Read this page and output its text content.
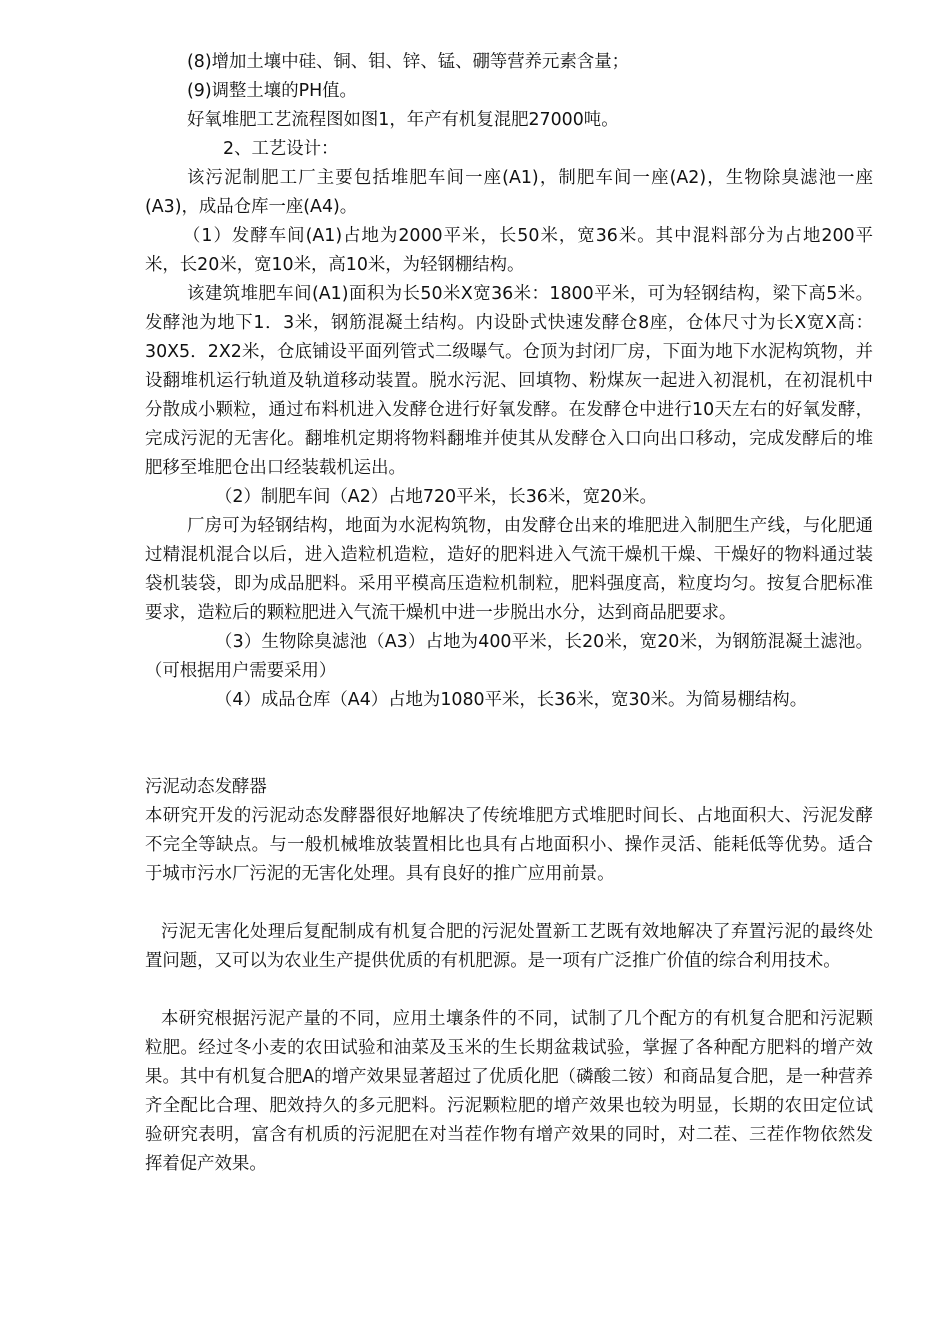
(8)增加土壤中硅、铜、钼、锌、锰、硼等营养元素含量；

(9)调整土壤的PH值。

好氧堆肥工艺流程图如图1，年产有机复混肥27000吨。

2、工艺设计：

该污泥制肥工厂主要包括堆肥车间一座(A1)，制肥车间一座(A2)，生物除臭滤池一座(A3)，成品仓库一座(A4)。

（1）发酵车间(A1)占地为2000平米，长50米，宽36米。其中混料部分为占地200平米，长20米，宽10米，高10米，为轻钢棚结构。

该建筑堆肥车间(A1)面积为长50米X宽36米：1800平米，可为轻钢结构，梁下高5米。发酵池为地下1．3米，钢筋混凝土结构。内设卧式快速发酵仓8座，仓体尺寸为长X宽X高：30X5．2X2米，仓底铺设平面列管式二级曝气。仓顶为封闭厂房，下面为地下水泥构筑物，并设翻堆机运行轨道及轨道移动装置。脱水污泥、回填物、粉煤灰一起进入初混机，在初混机中分散成小颗粒，通过布料机进入发酵仓进行好氧发酵。在发酵仓中进行10天左右的好氧发酵，完成污泥的无害化。翻堆机定期将物料翻堆并使其从发酵仓入口向出口移动，完成发酵后的堆肥移至堆肥仓出口经装载机运出。

（2）制肥车间（A2）占地720平米，长36米，宽20米。

厂房可为轻钢结构，地面为水泥构筑物，由发酵仓出来的堆肥进入制肥生产线，与化肥通过精混机混合以后，进入造粒机造粒，造好的肥料进入气流干燥机干燥、干燥好的物料通过装袋机装袋，即为成品肥料。采用平模高压造粒机制粒，肥料强度高，粒度均匀。按复合肥标准要求，造粒后的颗粒肥进入气流干燥机中进一步脱出水分，达到商品肥要求。

（3）生物除臭滤池（A3）占地为400平米，长20米，宽20米，为钢筋混凝土滤池。（可根据用户需要采用）

（4）成品仓库（A4）占地为1080平米，长36米，宽30米。为简易棚结构。

污泥动态发酵器

本研究开发的污泥动态发酵器很好地解决了传统堆肥方式堆肥时间长、占地面积大、污泥发酵不完全等缺点。与一般机械堆放装置相比也具有占地面积小、操作灵活、能耗低等优势。适合于城市污水厂污泥的无害化处理。具有良好的推广应用前景。

污泥无害化处理后复配制成有机复合肥的污泥处置新工艺既有效地解决了弃置污泥的最终处置问题，又可以为农业生产提供优质的有机肥源。是一项有广泛推广价值的综合利用技术。

本研究根据污泥产量的不同，应用土壤条件的不同，试制了几个配方的有机复合肥和污泥颗粒肥。经过冬小麦的农田试验和油菜及玉米的生长期盆栽试验，掌握了各种配方肥料的增产效果。其中有机复合肥A的增产效果显著超过了优质化肥（磷酸二铵）和商品复合肥，是一种营养齐全配比合理、肥效持久的多元肥料。污泥颗粒肥的增产效果也较为明显，长期的农田定位试验研究表明，富含有机质的污泥肥在对当茬作物有增产效果的同时，对二茬、三茬作物依然发挥着促产效果。
